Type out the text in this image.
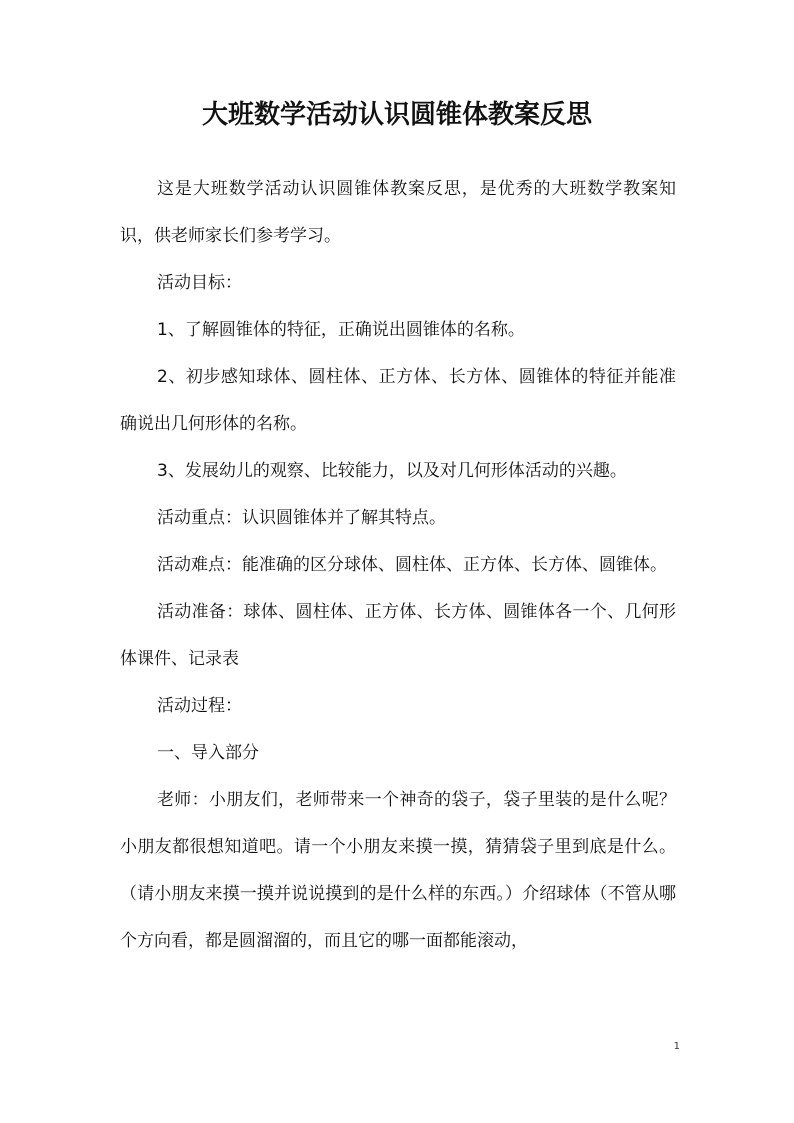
大班数学活动认识圆锥体教案反思

这是大班数学活动认识圆锥体教案反思，是优秀的大班数学教案知识，供老师家长们参考学习。

活动目标：

1、了解圆锥体的特征，正确说出圆锥体的名称。

2、初步感知球体、圆柱体、正方体、长方体、圆锥体的特征并能准确说出几何形体的名称。

3、发展幼儿的观察、比较能力，以及对几何形体活动的兴趣。

活动重点：认识圆锥体并了解其特点。

活动难点：能准确的区分球体、圆柱体、正方体、长方体、圆锥体。

活动准备：球体、圆柱体、正方体、长方体、圆锥体各一个、几何形体课件、记录表

活动过程：

一、导入部分

老师：小朋友们，老师带来一个神奇的袋子，袋子里装的是什么呢？小朋友都很想知道吧。请一个小朋友来摸一摸，猜猜袋子里到底是什么。（请小朋友来摸一摸并说说摸到的是什么样的东西。）介绍球体（不管从哪个方向看，都是圆溜溜的，而且它的哪一面都能滚动，

1
